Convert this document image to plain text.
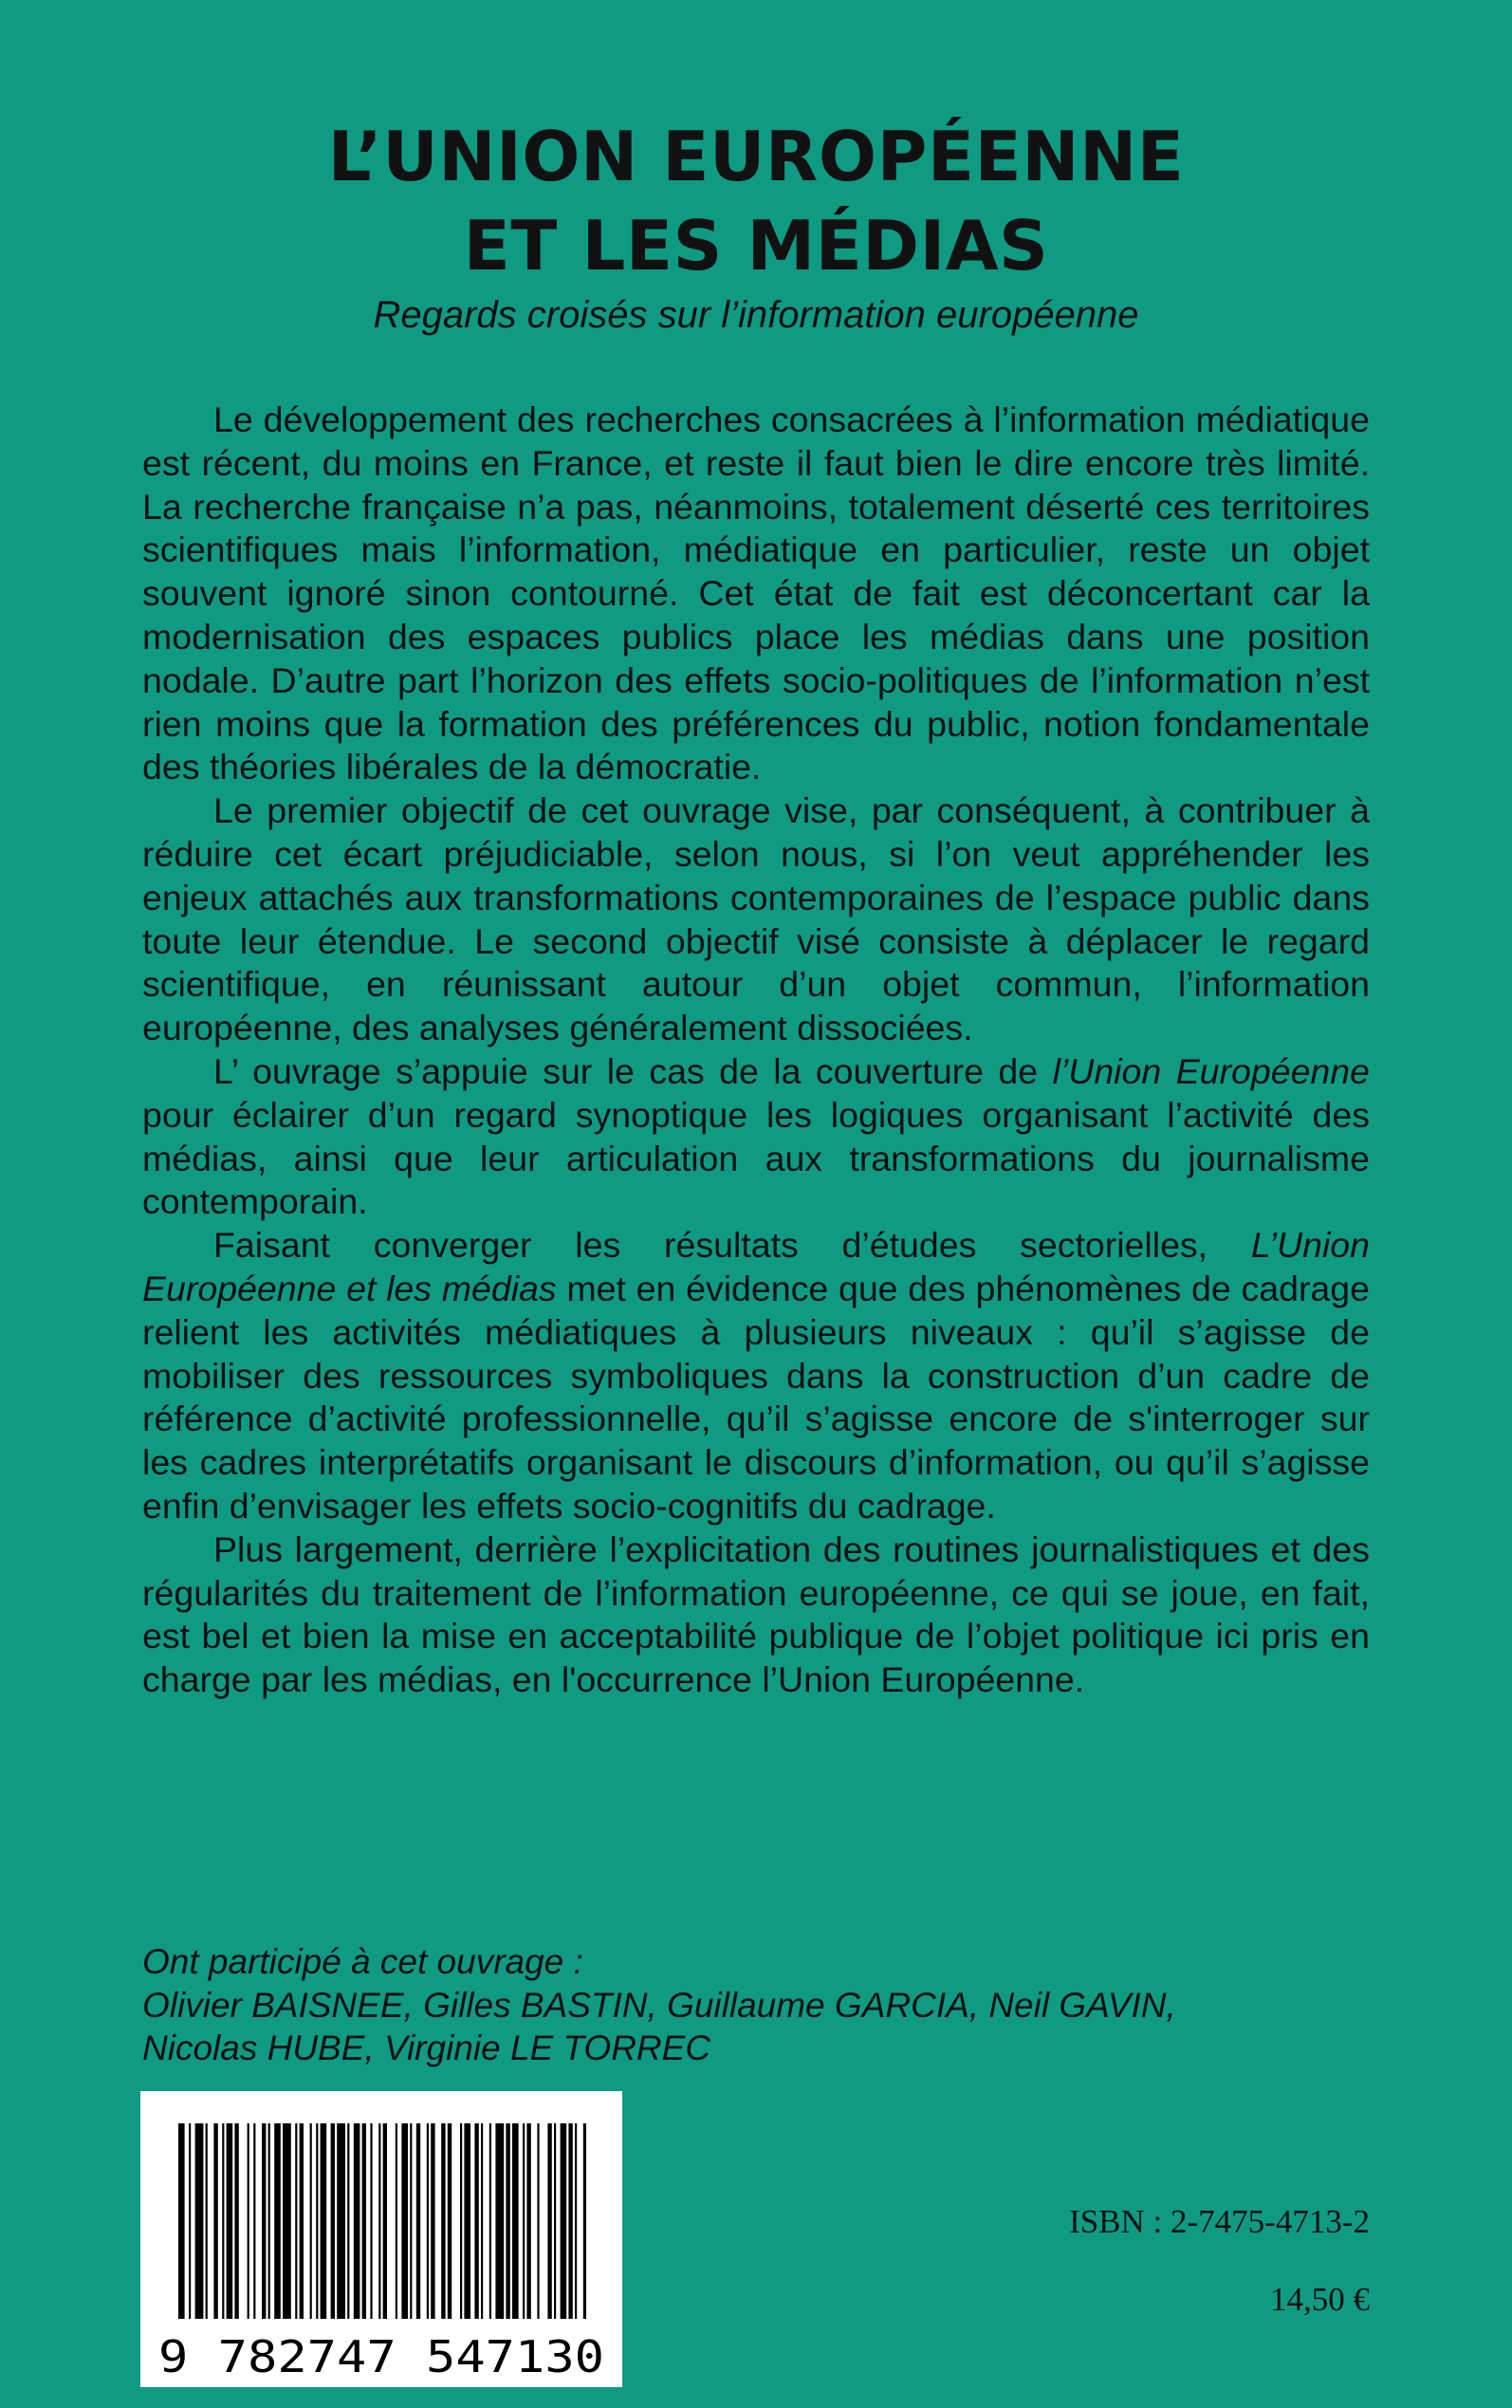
L’UNION EUROPÉENNE
ET LES MÉDIAS
Regards croisés sur l’information européenne

Le développement des recherches consacrées à l’information médiatique est récent, du moins en France, et reste il faut bien le dire encore très limité. La recherche française n’a pas, néanmoins, totalement déserté ces territoires scientifiques mais l’information, médiatique en particulier, reste un objet souvent ignoré sinon contourné. Cet état de fait est déconcertant car la modernisation des espaces publics place les médias dans une position nodale. D’autre part l’horizon des effets socio-politiques de l’information n’est rien moins que la formation des préférences du public, notion fondamentale des théories libérales de la démocratie.

Le premier objectif de cet ouvrage vise, par conséquent, à contribuer à réduire cet écart préjudiciable, selon nous, si l’on veut appréhender les enjeux attachés aux transformations contemporaines de l’espace public dans toute leur étendue. Le second objectif visé consiste à déplacer le regard scientifique, en réunissant autour d’un objet commun, l’information européenne, des analyses généralement dissociées.

L’ ouvrage s’appuie sur le cas de la couverture de l’Union Européenne pour éclairer d’un regard synoptique les logiques organisant l’activité des médias, ainsi que leur articulation aux transformations du journalisme contemporain.

Faisant converger les résultats d’études sectorielles, L’Union Européenne et les médias met en évidence que des phénomènes de cadrage relient les activités médiatiques à plusieurs niveaux : qu’il s’agisse de mobiliser des ressources symboliques dans la construction d’un cadre de référence d’activité professionnelle, qu’il s’agisse encore de s'interroger sur les cadres interprétatifs organisant le discours d’information, ou qu’il s’agisse enfin d’envisager les effets socio-cognitifs du cadrage.

Plus largement, derrière l’explicitation des routines journalistiques et des régularités du traitement de l’information européenne, ce qui se joue, en fait, est bel et bien la mise en acceptabilité publique de l’objet politique ici pris en charge par les médias, en l'occurrence l’Union Européenne.

Ont participé à cet ouvrage :
Olivier BAISNEE, Gilles BASTIN, Guillaume GARCIA, Neil GAVIN,
Nicolas HUBE, Virginie LE TORREC
9 782747 547130
ISBN : 2-7475-4713-2
14,50 €
